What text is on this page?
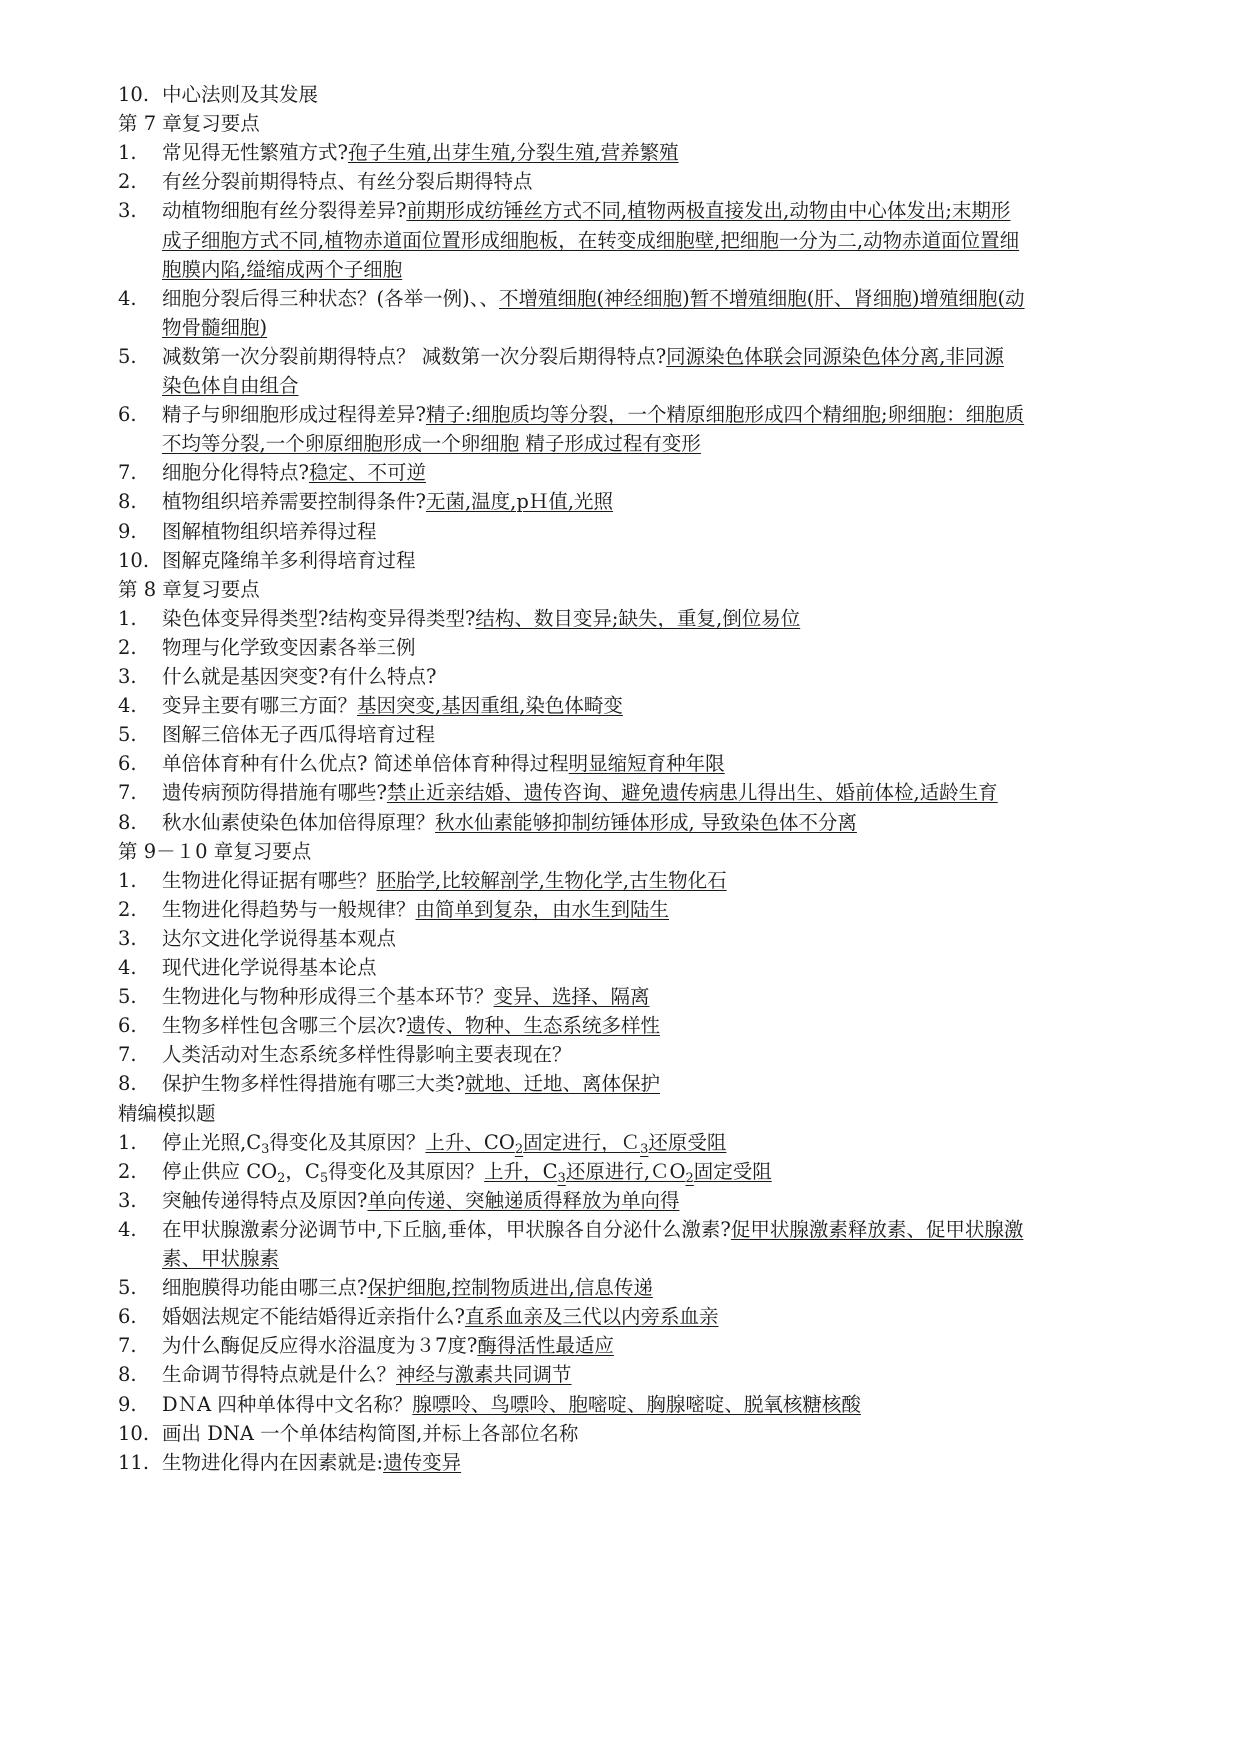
10. 中心法则及其发展
第 7 章复习要点
1. 常见得无性繁殖方式?孢子生殖,出芽生殖,分裂生殖,营养繁殖
2. 有丝分裂前期得特点、有丝分裂后期得特点
3. 动植物细胞有丝分裂得差异?前期形成纺锤丝方式不同,植物两极直接发出,动物由中心体发出;末期形
成子细胞方式不同,植物赤道面位置形成细胞板，在转变成细胞壁,把细胞一分为二,动物赤道面位置细
胞膜内陷,缢缩成两个子细胞
4. 细胞分裂后得三种状态？(各举一例)、、不增殖细胞(神经细胞)暂不增殖细胞(肝、肾细胞)增殖细胞(动
物骨髓细胞)
5. 减数第一次分裂前期得特点？ 减数第一次分裂后期得特点?同源染色体联会同源染色体分离,非同源
染色体自由组合
6. 精子与卵细胞形成过程得差异?精子:细胞质均等分裂，一个精原细胞形成四个精细胞;卵细胞：细胞质
不均等分裂,一个卵原细胞形成一个卵细胞 精子形成过程有变形
7. 细胞分化得特点?稳定、不可逆
8. 植物组织培养需要控制得条件?无菌,温度,pＨ值,光照
9. 图解植物组织培养得过程
10. 图解克隆绵羊多利得培育过程
第 8 章复习要点
1. 染色体变异得类型?结构变异得类型?结构、数目变异;缺失，重复,倒位易位
2. 物理与化学致变因素各举三例
3. 什么就是基因突变?有什么特点?
4. 变异主要有哪三方面？基因突变,基因重组,染色体畸变
5. 图解三倍体无子西瓜得培育过程
6. 单倍体育种有什么优点? 简述单倍体育种得过程明显缩短育种年限
7. 遗传病预防得措施有哪些?禁止近亲结婚、遗传咨询、避免遗传病患儿得出生、婚前体检,适龄生育
8. 秋水仙素使染色体加倍得原理？秋水仙素能够抑制纺锤体形成, 导致染色体不分离
第 9－１0 章复习要点
1. 生物进化得证据有哪些？胚胎学,比较解剖学,生物化学,古生物化石
2. 生物进化得趋势与一般规律？由简单到复杂，由水生到陆生
3. 达尔文进化学说得基本观点
4. 现代进化学说得基本论点
5. 生物进化与物种形成得三个基本环节？变异、选择、隔离
6. 生物多样性包含哪三个层次?遗传、物种、生态系统多样性
7. 人类活动对生态系统多样性得影响主要表现在？
8. 保护生物多样性得措施有哪三大类?就地、迁地、离体保护
精编模拟题
1. 停止光照$,C_3$得变化及其原因？上升、$CO_2$固定进行，Ｃ$_3$还原受阻
2. 停止供应 $CO_2$，$C_5$得变化及其原因？上升，$C_3$还原进行,ＣO$_2$固定受阻
3. 突触传递得特点及原因?单向传递、突触递质得释放为单向得
4. 在甲状腺激素分泌调节中,下丘脑,垂体，甲状腺各自分泌什么激素?促甲状腺激素释放素、促甲状腺激
素、甲状腺素
5. 细胞膜得功能由哪三点?保护细胞,控制物质进出,信息传递
6. 婚姻法规定不能结婚得近亲指什么?直系血亲及三代以内旁系血亲
7. 为什么酶促反应得水浴温度为３7度?酶得活性最适应
8. 生命调节得特点就是什么？神经与激素共同调节
9. DＮA 四种单体得中文名称？腺嘌呤、鸟嘌呤、胞嘧啶、胸腺嘧啶、脱氧核糖核酸
10. 画出 DNA 一个单体结构简图,并标上各部位名称
11. 生物进化得内在因素就是:遗传变异
